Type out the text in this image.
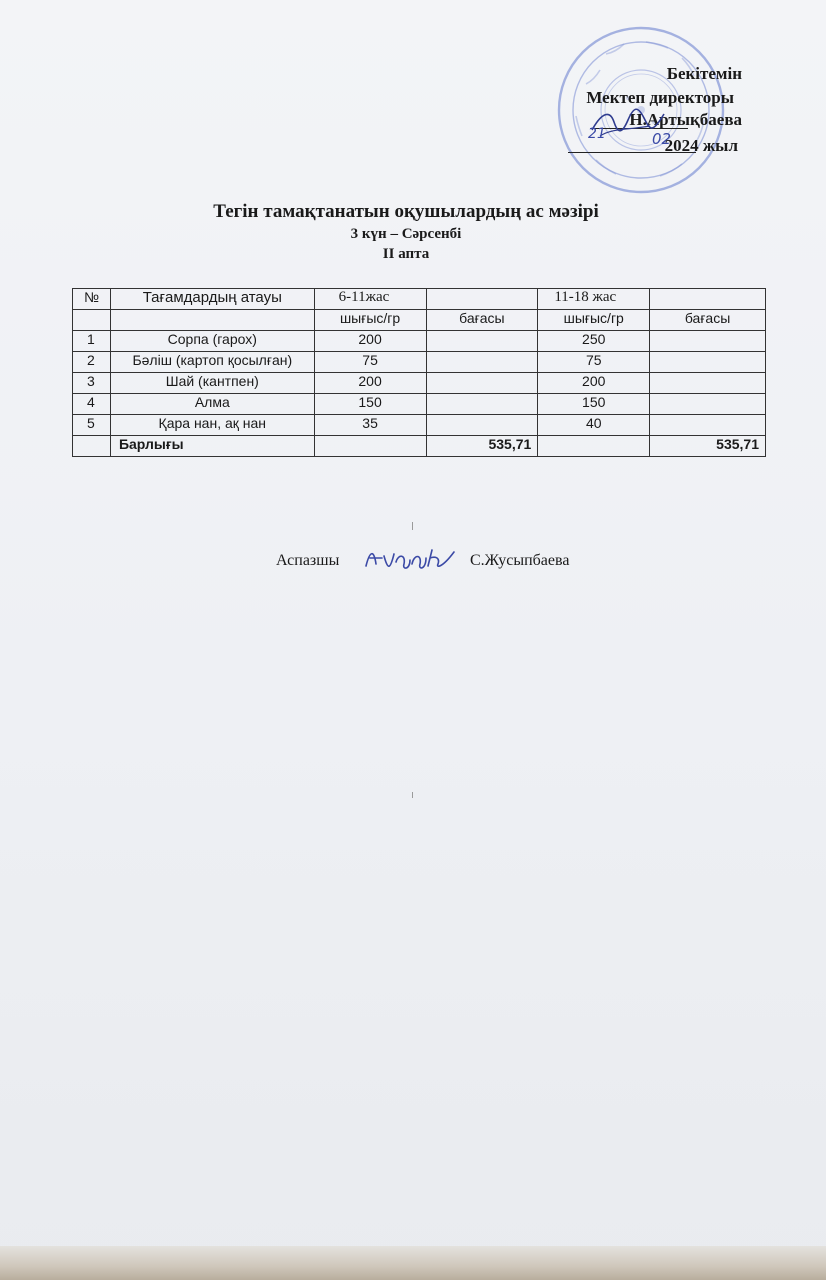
Бекітемін
Мектеп директоры
Н.Артықбаева
2024 жыл
21	02
Тегін тамақтанатын оқушылардың ас мәзірі
3 күн – Сәрсенбі
II апта
№	Тағамдардың атауы	6-11жас		11-18 жас	
		шығыс/гр	бағасы	шығыс/гр	бағасы
1	Сорпа (гарох)	200		250	
2	Бәліш (картоп қосылған)	75		75	
3	Шай (кантпен)	200		200	
4	Алма	150		150	
5	Қара нан, ақ нан	35		40	
	Барлығы		535,71		535,71
Аспазшы	С.Жусыпбаева
